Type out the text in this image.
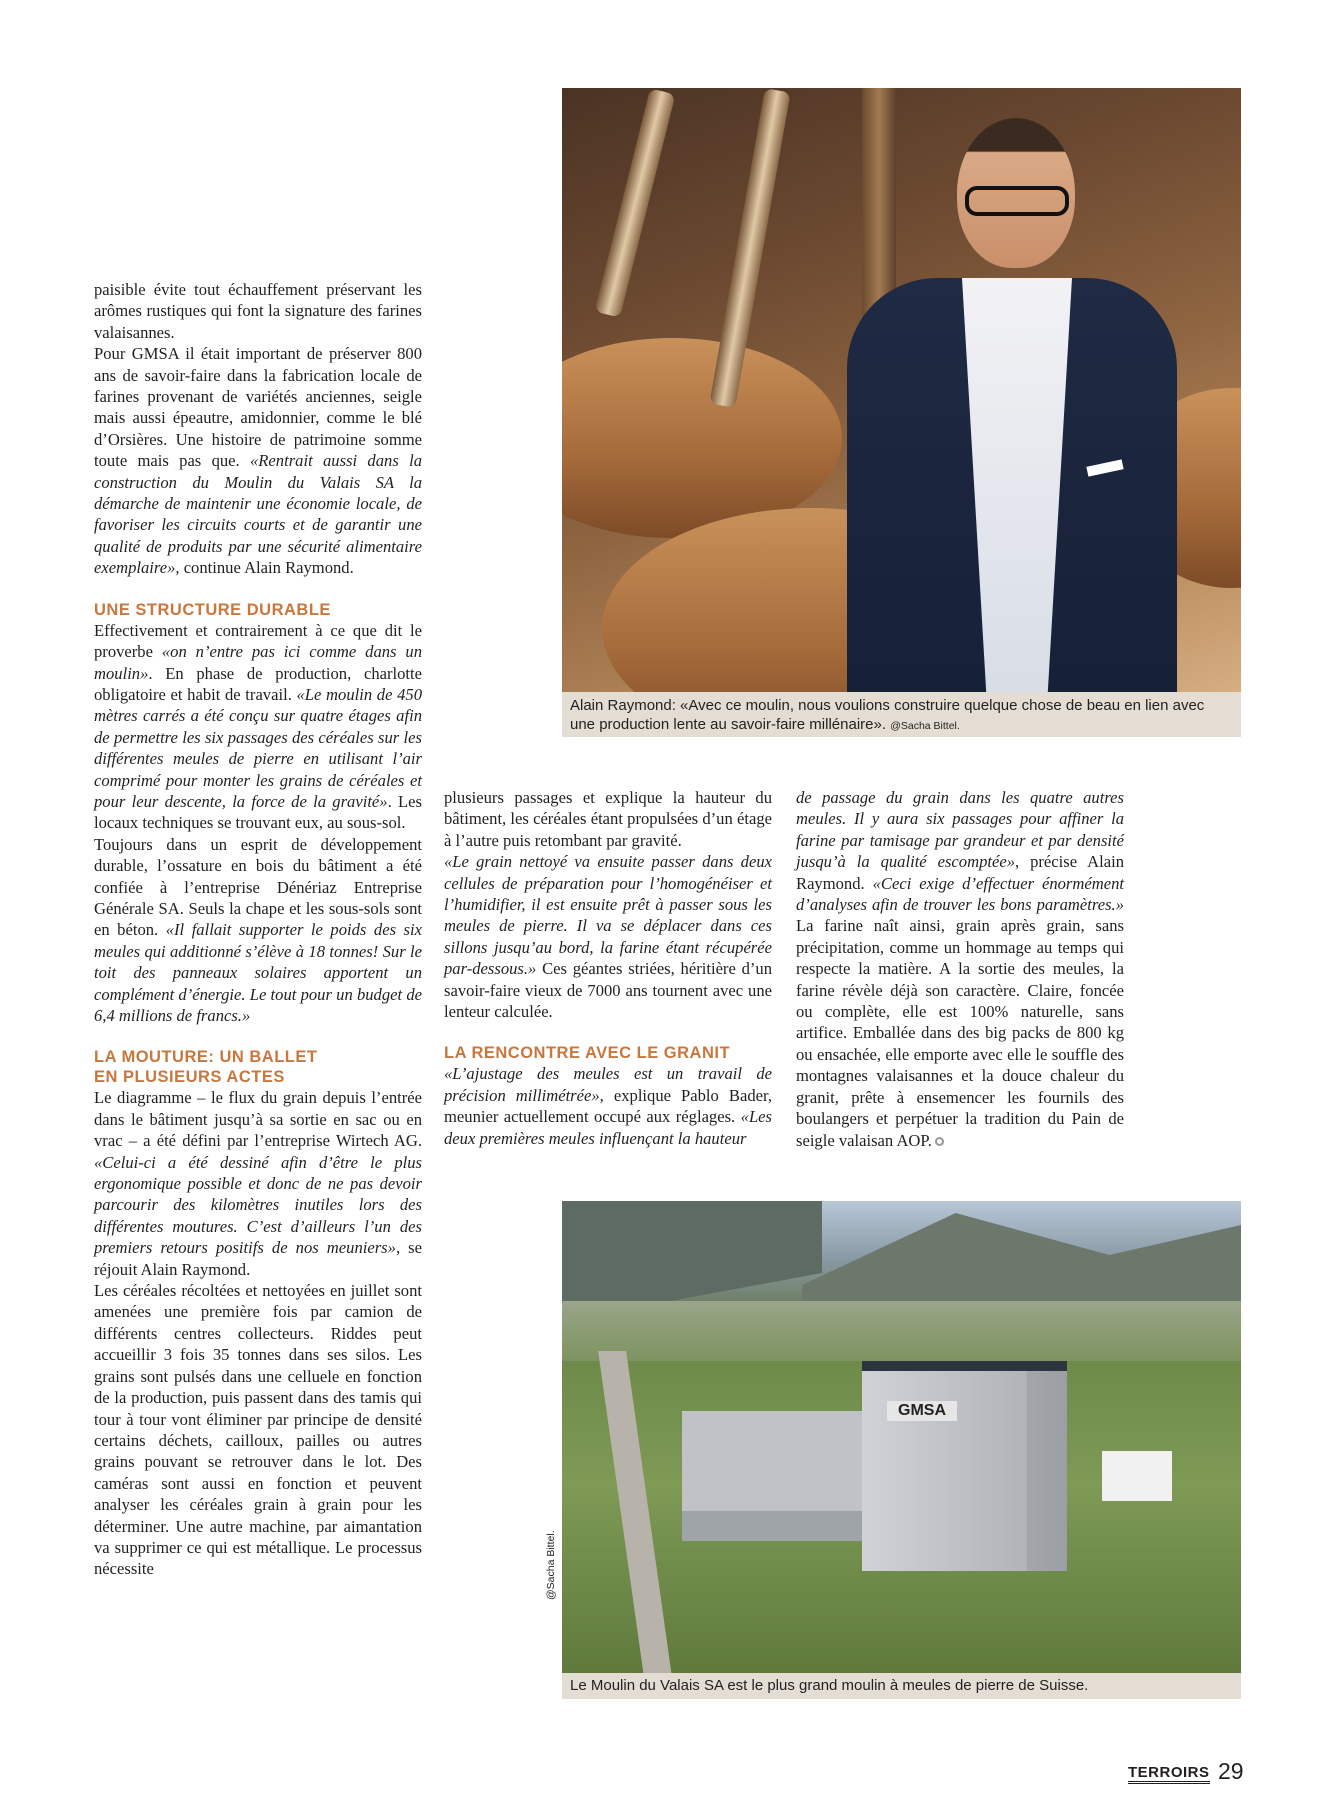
paisible évite tout échauffement préservant les arômes rustiques qui font la signature des farines valaisannes.

Pour GMSA il était important de préserver 800 ans de savoir-faire dans la fabrication locale de farines provenant de variétés anciennes, seigle mais aussi épeautre, amidonnier, comme le blé d’Orsières. Une histoire de patrimoine somme toute mais pas que. «Rentrait aussi dans la construction du Moulin du Valais SA la démarche de maintenir une économie locale, de favoriser les circuits courts et de garantir une qualité de produits par une sécurité alimentaire exemplaire», continue Alain Raymond.

UNE STRUCTURE DURABLE

Effectivement et contrairement à ce que dit le proverbe «on n’entre pas ici comme dans un moulin». En phase de production, charlotte obligatoire et habit de travail. «Le moulin de 450 mètres carrés a été conçu sur quatre étages afin de permettre les six passages des céréales sur les différentes meules de pierre en utilisant l’air comprimé pour monter les grains de céréales et pour leur descente, la force de la gravité». Les locaux techniques se trouvant eux, au sous-sol.

Toujours dans un esprit de développement durable, l’ossature en bois du bâtiment a été confiée à l’entreprise Dénériaz Entreprise Générale SA. Seuls la chape et les sous-sols sont en béton. «Il fallait supporter le poids des six meules qui additionné s’élève à 18 tonnes! Sur le toit des panneaux solaires apportent un complément d’énergie. Le tout pour un budget de 6,4 millions de francs.»

LA MOUTURE: UN BALLET
EN PLUSIEURS ACTES

Le diagramme – le flux du grain depuis l’entrée dans le bâtiment jusqu’à sa sortie en sac ou en vrac – a été défini par l’entreprise Wirtech AG. «Celui-ci a été dessiné afin d’être le plus ergonomique possible et donc de ne pas devoir parcourir des kilomètres inutiles lors des différentes moutures. C’est d’ailleurs l’un des premiers retours positifs de nos meuniers», se réjouit Alain Raymond.

Les céréales récoltées et nettoyées en juillet sont amenées une première fois par camion de différents centres collecteurs. Riddes peut accueillir 3 fois 35 tonnes dans ses silos. Les grains sont pulsés dans une celluele en fonction de la production, puis passent dans des tamis qui tour à tour vont éliminer par principe de densité certains déchets, cailloux, pailles ou autres grains pouvant se retrouver dans le lot. Des caméras sont aussi en fonction et peuvent analyser les céréales grain à grain pour les déterminer. Une autre machine, par aimantation va supprimer ce qui est métallique. Le processus nécessite

Alain Raymond: «Avec ce moulin, nous voulions construire quelque chose de beau en lien avec une production lente au savoir-faire millénaire». @Sacha Bittel.

plusieurs passages et explique la hauteur du bâtiment, les céréales étant propulsées d’un étage à l’autre puis retombant par gravité.
«Le grain nettoyé va ensuite passer dans deux cellules de préparation pour l’homogénéiser et l’humidifier, il est ensuite prêt à passer sous les meules de pierre. Il va se déplacer dans ces sillons jusqu’au bord, la farine étant récupérée par-dessous.» Ces géantes striées, héritière d’un savoir-faire vieux de 7000 ans tournent avec une lenteur calculée.

LA RENCONTRE AVEC LE GRANIT

«L’ajustage des meules est un travail de précision millimétrée», explique Pablo Bader, meunier actuellement occupé aux réglages. «Les deux premières meules influençant la hauteur

de passage du grain dans les quatre autres meules. Il y aura six passages pour affiner la farine par tamisage par grandeur et par densité jusqu’à la qualité escomptée», précise Alain Raymond. «Ceci exige d’effectuer énormément d’analyses afin de trouver les bons paramètres.» La farine naît ainsi, grain après grain, sans précipitation, comme un hommage au temps qui respecte la matière. A la sortie des meules, la farine révèle déjà son caractère. Claire, foncée ou complète, elle est 100% naturelle, sans artifice. Emballée dans des big packs de 800 kg ou ensachée, elle emporte avec elle le souffle des montagnes valaisannes et la douce chaleur du granit, prête à ensemencer les fournils des boulangers et perpétuer la tradition du Pain de seigle valaisan AOP.

GMSA
@Sacha Bittel.
Le Moulin du Valais SA est le plus grand moulin à meules de pierre de Suisse.
TERROIRS 29
